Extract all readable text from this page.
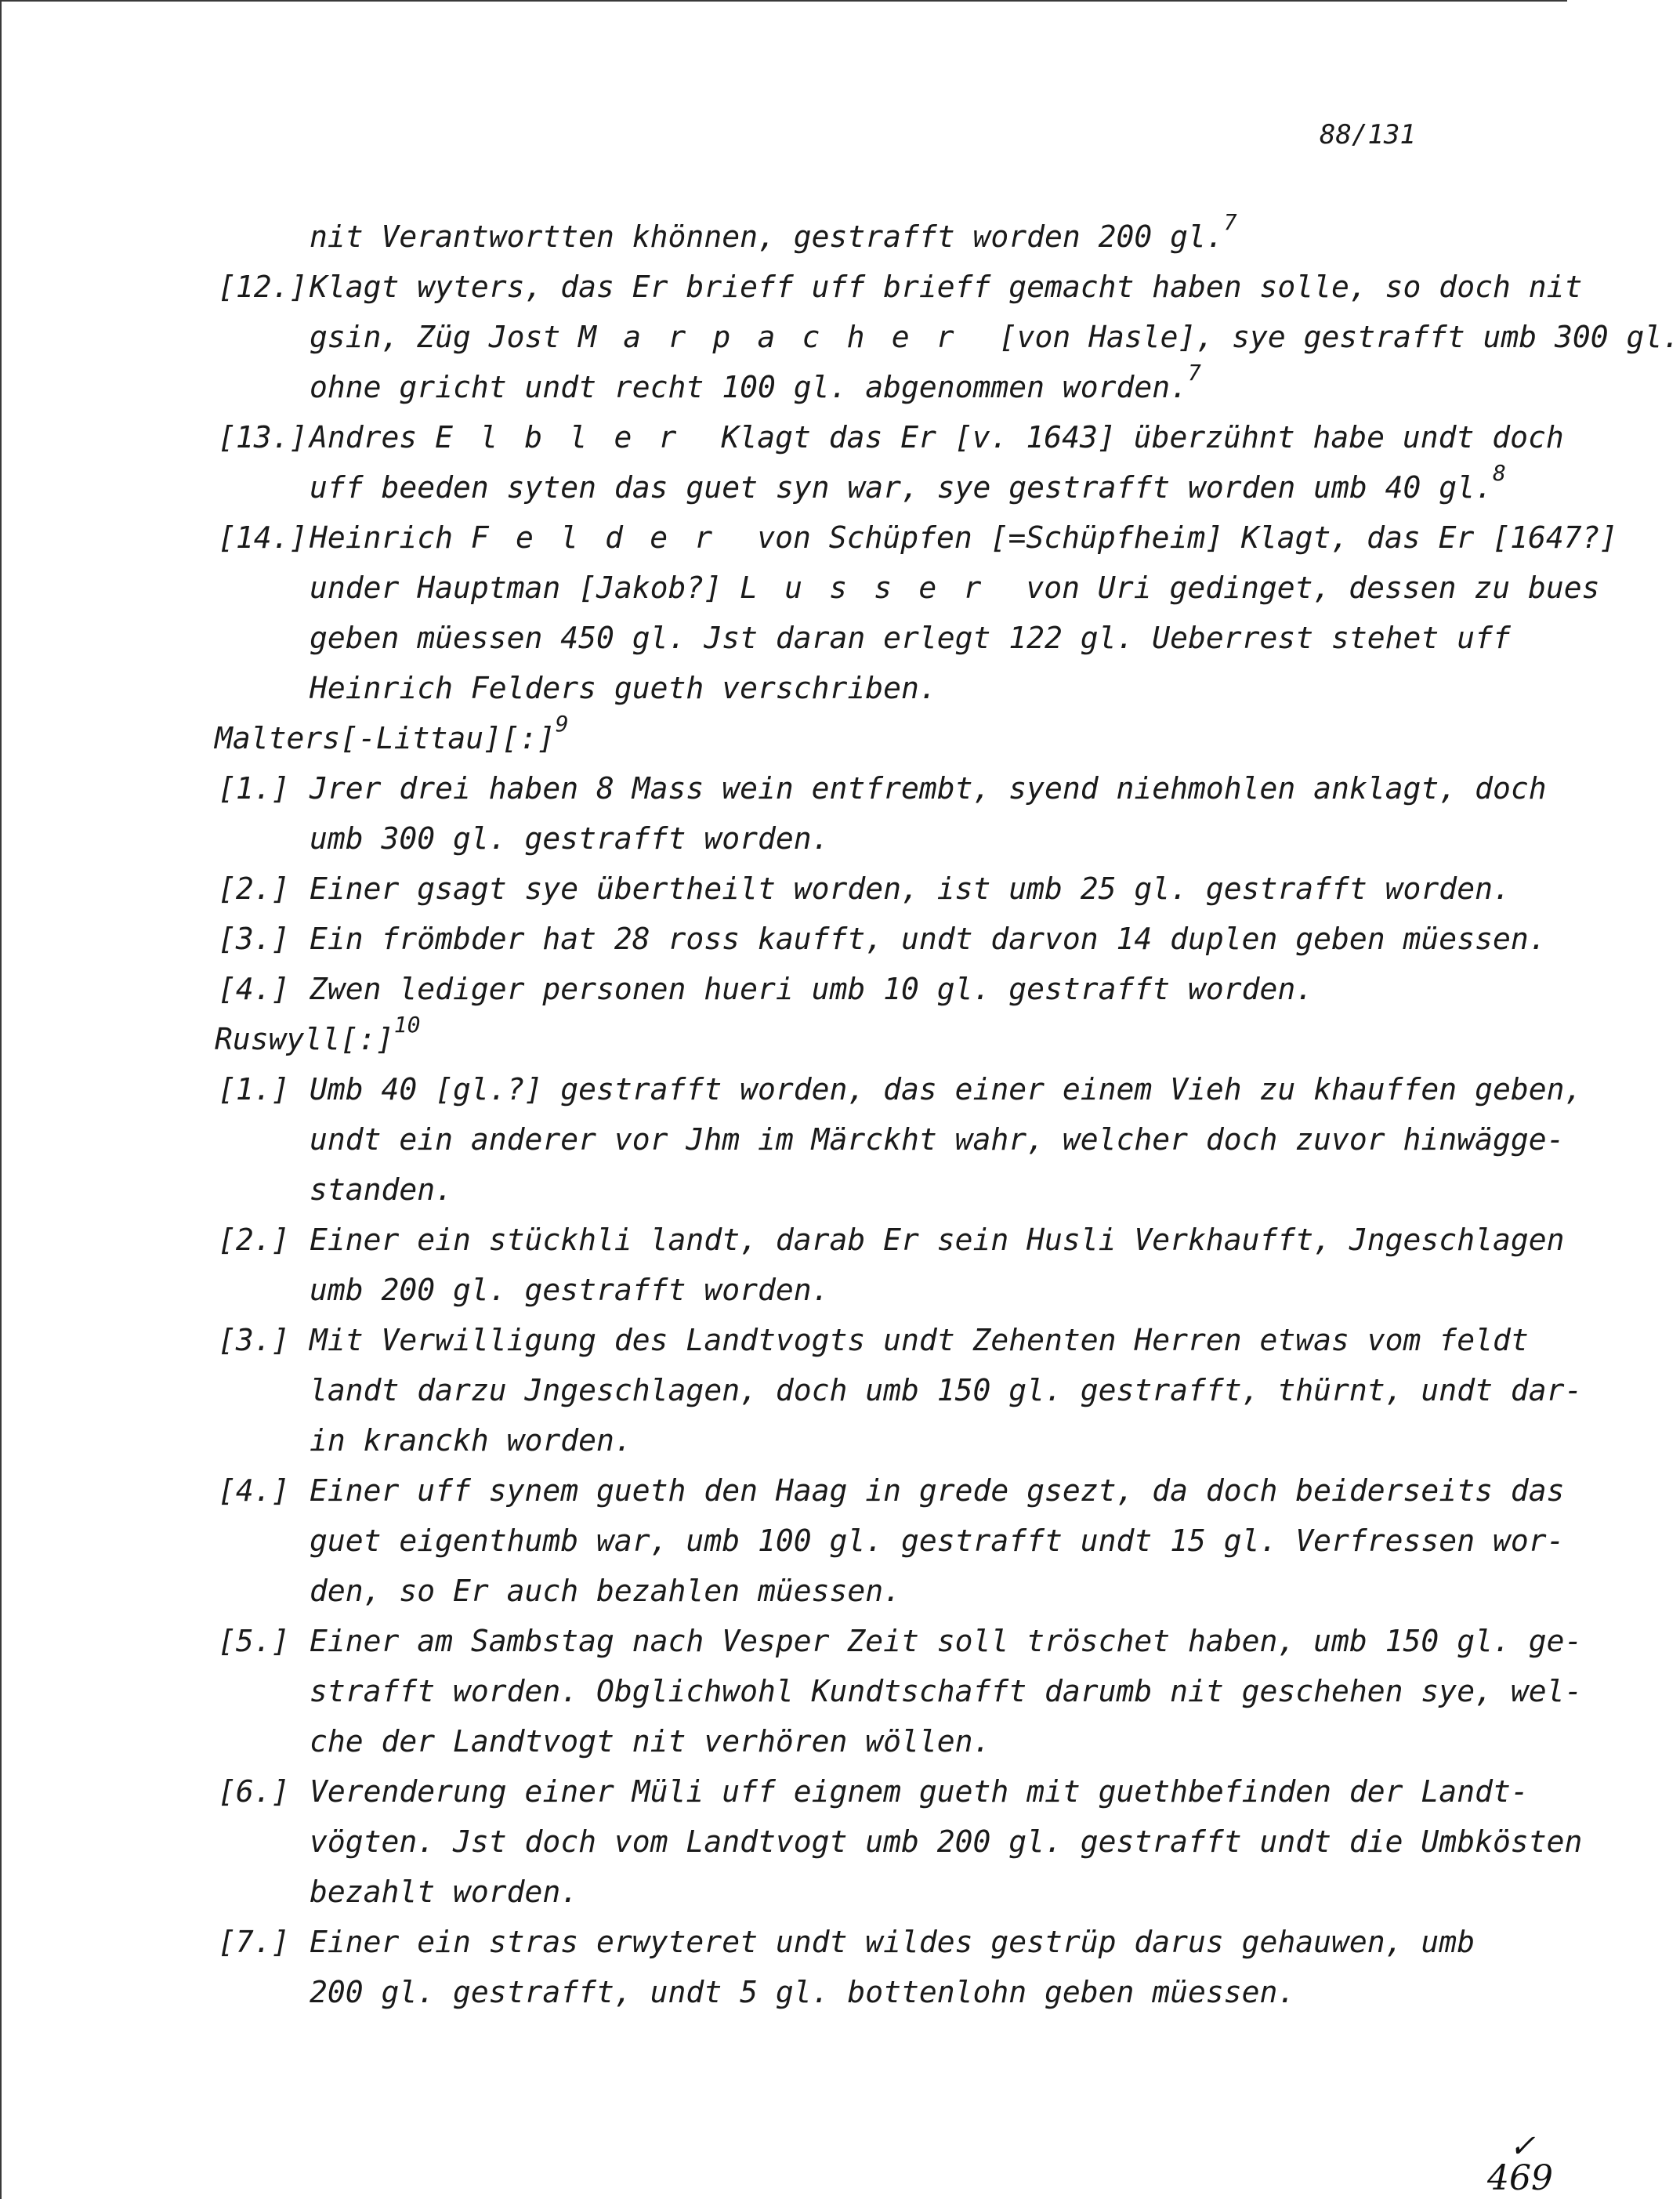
88/131
nit Verantwortten khönnen, gestrafft worden 200 gl.$^7$
[12.] Klagt wyters, das Er brieff uff brieff gemacht haben solle, so doch nit
gsin, Züg Jost Marpacher [von Hasle], sye gestrafft umb 300 gl.
ohne gricht undt recht 100 gl. abgenommen worden.$^7$
[13.] Andres Elbler Klagt das Er [v. 1643] überzühnt habe undt doch
uff beeden syten das guet syn war, sye gestrafft worden umb 40 gl.$^8$
[14.] Heinrich Felder von Schüpfen [=Schüpfheim] Klagt, das Er [1647?]
under Hauptman [Jakob?] Lusser von Uri gedinget, dessen zu bues
geben müessen 450 gl. Jst daran erlegt 122 gl. Ueberrest stehet uff
Heinrich Felders gueth verschriben.
Malters[-Littau][:]$^9$
[1.] Jrer drei haben 8 Mass wein entfrembt, syend niehmohlen anklagt, doch
umb 300 gl. gestrafft worden.
[2.] Einer gsagt sye übertheilt worden, ist umb 25 gl. gestrafft worden.
[3.] Ein frömbder hat 28 ross kaufft, undt darvon 14 duplen geben müessen.
[4.] Zwen lediger personen hueri umb 10 gl. gestrafft worden.
Ruswyll[:]$^{10}$
[1.] Umb 40 [gl.?] gestrafft worden, das einer einem Vieh zu khauffen geben,
undt ein anderer vor Jhm im Märckht wahr, welcher doch zuvor hinwägge-
standen.
[2.] Einer ein stückhli landt, darab Er sein Husli Verkhaufft, Jngeschlagen
umb 200 gl. gestrafft worden.
[3.] Mit Verwilligung des Landtvogts undt Zehenten Herren etwas vom feldt
landt darzu Jngeschlagen, doch umb 150 gl. gestrafft, thürnt, undt dar-
in kranckh worden.
[4.] Einer uff synem gueth den Haag in grede gsezt, da doch beiderseits das
guet eigenthumb war, umb 100 gl. gestrafft undt 15 gl. Verfressen wor-
den, so Er auch bezahlen müessen.
[5.] Einer am Sambstag nach Vesper Zeit soll tröschet haben, umb 150 gl. ge-
strafft worden. Obglichwohl Kundtschafft darumb nit geschehen sye, wel-
che der Landtvogt nit verhören wöllen.
[6.] Verenderung einer Müli uff eignem gueth mit guethbefinden der Landt-
vögten. Jst doch vom Landtvogt umb 200 gl. gestrafft undt die Umbkösten
bezahlt worden.
[7.] Einer ein stras erwyteret undt wildes gestrüp darus gehauwen, umb
200 gl. gestrafft, undt 5 gl. bottenlohn geben müessen.
✓
469
